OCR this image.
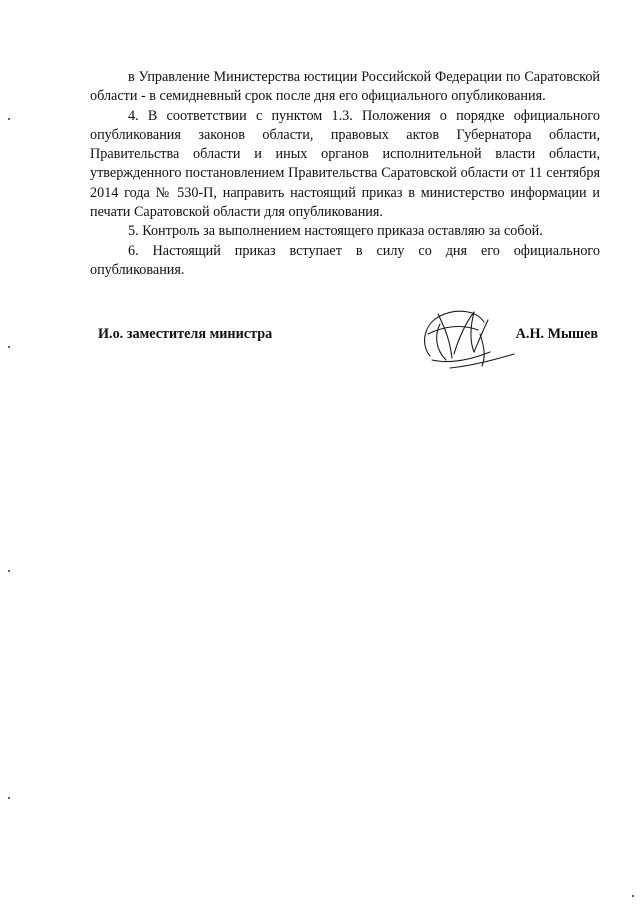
в Управление Министерства юстиции Российской Федерации по Саратовской области - в семидневный срок после дня его официального опубликования.

4. В соответствии с пунктом 1.3. Положения о порядке официального опубликования законов области, правовых актов Губернатора области, Правительства области и иных органов исполнительной власти области, утвержденного постановлением Правительства Саратовской области от 11 сентября 2014 года № 530-П, направить настоящий приказ в министерство информации и печати Саратовской области для опубликования.

5. Контроль за выполнением настоящего приказа оставляю за собой.

6. Настоящий приказ вступает в силу со дня его официального опубликования.

И.о. заместителя министра	А.Н. Мышев
